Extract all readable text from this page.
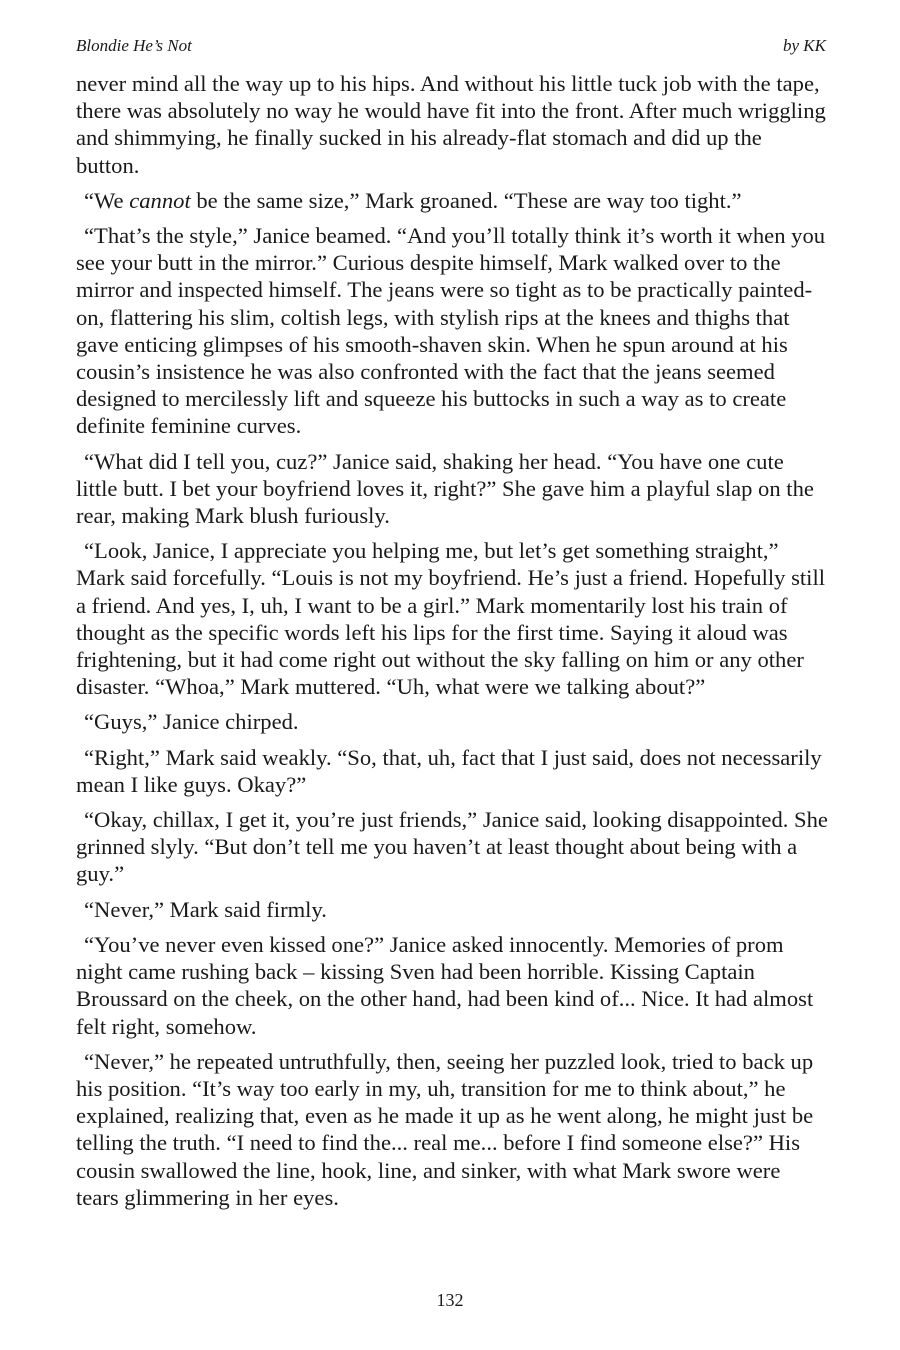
Blondie He’s Not	by KK

never mind all the way up to his hips. And without his little tuck job with the tape, there was absolutely no way he would have fit into the front. After much wriggling and shimmying, he finally sucked in his already-flat stomach and did up the button.

“We cannot be the same size,” Mark groaned. “These are way too tight.”

“That’s the style,” Janice beamed. “And you’ll totally think it’s worth it when you see your butt in the mirror.” Curious despite himself, Mark walked over to the mirror and inspected himself. The jeans were so tight as to be practically painted-on, flattering his slim, coltish legs, with stylish rips at the knees and thighs that gave enticing glimpses of his smooth-shaven skin. When he spun around at his cousin’s insistence he was also confronted with the fact that the jeans seemed designed to mercilessly lift and squeeze his buttocks in such a way as to create definite feminine curves.

“What did I tell you, cuz?” Janice said, shaking her head. “You have one cute little butt. I bet your boyfriend loves it, right?” She gave him a playful slap on the rear, making Mark blush furiously.

“Look, Janice, I appreciate you helping me, but let’s get something straight,” Mark said forcefully. “Louis is not my boyfriend. He’s just a friend. Hopefully still a friend. And yes, I, uh, I want to be a girl.” Mark momentarily lost his train of thought as the specific words left his lips for the first time. Saying it aloud was frightening, but it had come right out without the sky falling on him or any other disaster. “Whoa,” Mark muttered. “Uh, what were we talking about?”

“Guys,” Janice chirped.

“Right,” Mark said weakly. “So, that, uh, fact that I just said, does not necessarily mean I like guys. Okay?”

“Okay, chillax, I get it, you’re just friends,” Janice said, looking disappointed. She grinned slyly. “But don’t tell me you haven’t at least thought about being with a guy.”

“Never,” Mark said firmly.

“You’ve never even kissed one?” Janice asked innocently. Memories of prom night came rushing back – kissing Sven had been horrible. Kissing Captain Broussard on the cheek, on the other hand, had been kind of... Nice. It had almost felt right, somehow.

“Never,” he repeated untruthfully, then, seeing her puzzled look, tried to back up his position. “It’s way too early in my, uh, transition for me to think about,” he explained, realizing that, even as he made it up as he went along, he might just be telling the truth. “I need to find the... real me... before I find someone else?” His cousin swallowed the line, hook, line, and sinker, with what Mark swore were tears glimmering in her eyes.

132
